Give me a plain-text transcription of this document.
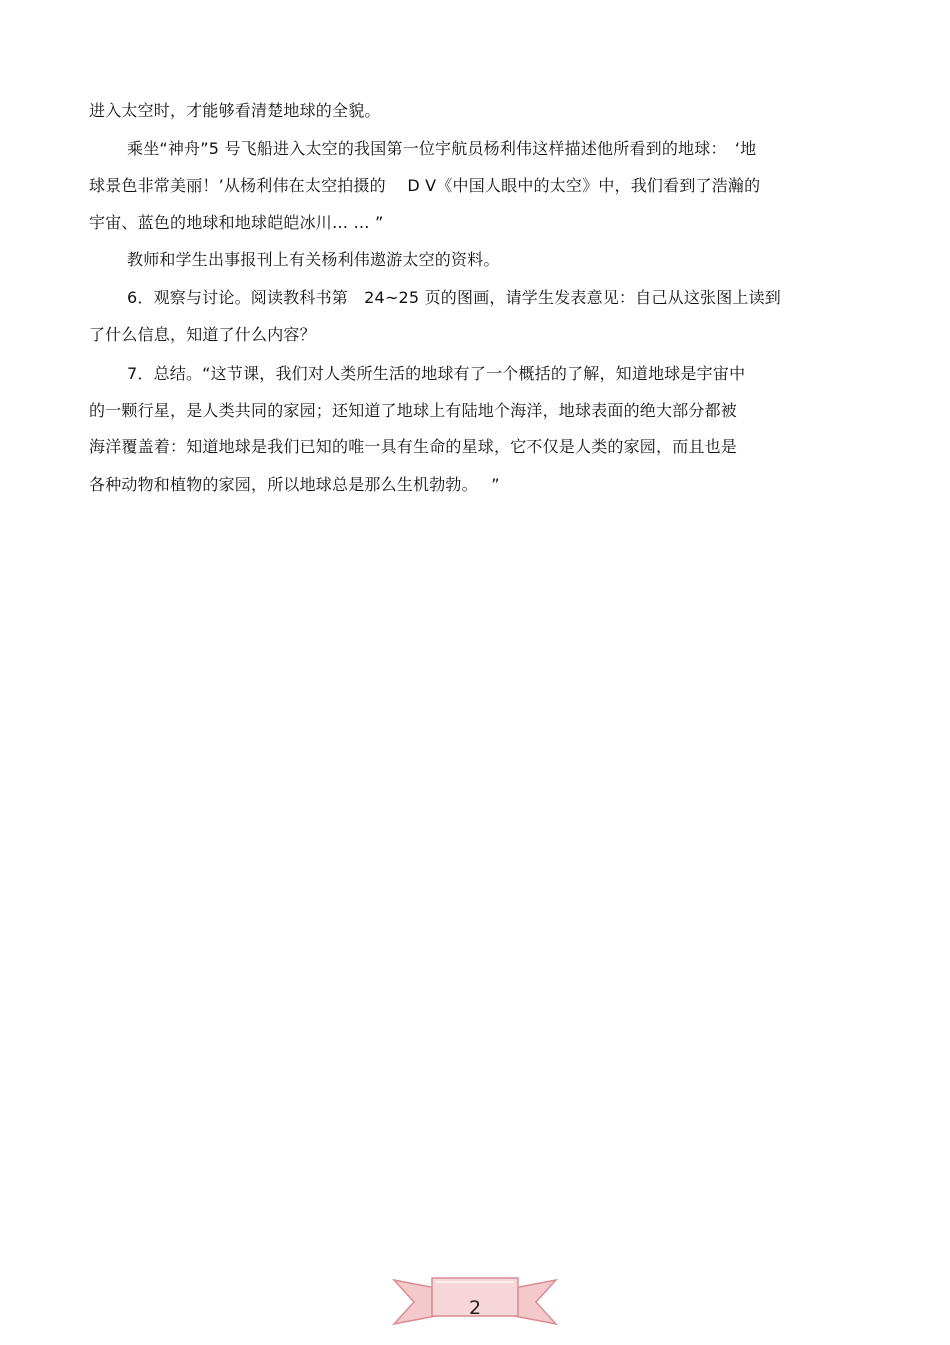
进入太空时，才能够看清楚地球的全貌。
乘坐“神舟”5 号飞船进入太空的我国第一位宇航员杨利伟这样描述他所看到的地球：　‘地
球景色非常美丽！’从杨利伟在太空拍摄的　 D V《中国人眼中的太空》中，我们看到了浩瀚的
宇宙、蓝色的地球和地球皑皑冰川… … ”
教师和学生出事报刊上有关杨利伟遨游太空的资料。
6．观察与讨论。阅读教科书第　24~25 页的图画，请学生发表意见：自己从这张图上读到
了什么信息，知道了什么内容？
7．总结。“这节课，我们对人类所生活的地球有了一个概括的了解，知道地球是宇宙中
的一颗行星，是人类共同的家园；还知道了地球上有陆地个海洋，地球表面的绝大部分都被
海洋覆盖着：知道地球是我们已知的唯一具有生命的星球，它不仅是人类的家园，而且也是
各种动物和植物的家园，所以地球总是那么生机勃勃。　 ”
2
